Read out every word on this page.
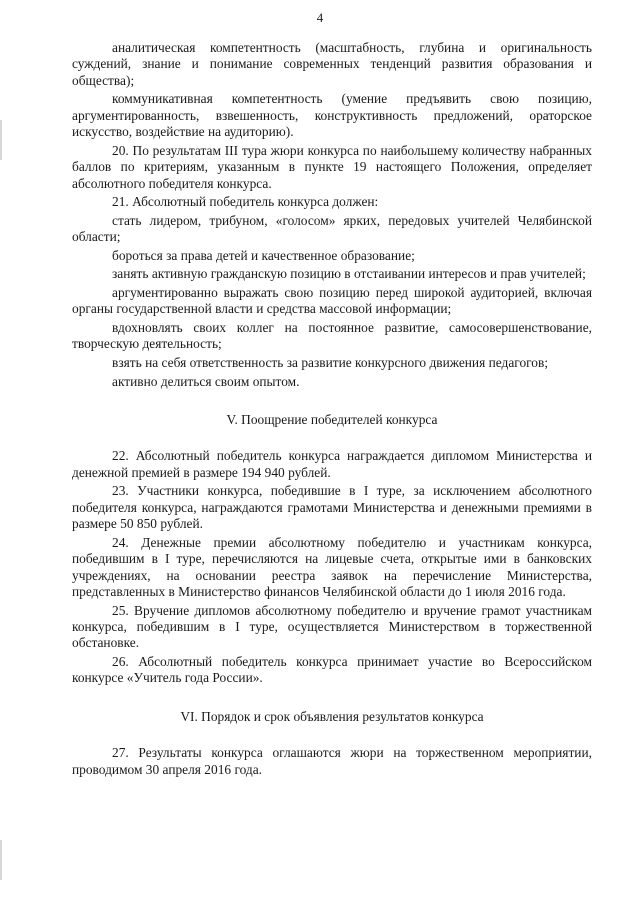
4

аналитическая компетентность (масштабность, глубина и оригинальность суждений, знание и понимание современных тенденций развития образования и общества);

коммуникативная компетентность (умение предъявить свою позицию, аргументированность, взвешенность, конструктивность предложений, ораторское искусство, воздействие на аудиторию).

20. По результатам III тура жюри конкурса по наибольшему количеству набранных баллов по критериям, указанным в пункте 19 настоящего Положения, определяет абсолютного победителя конкурса.

21. Абсолютный победитель конкурса должен:

стать лидером, трибуном, «голосом» ярких, передовых учителей Челябинской области;

бороться за права детей и качественное образование;

занять активную гражданскую позицию в отстаивании интересов и прав учителей;

аргументированно выражать свою позицию перед широкой аудиторией, включая органы государственной власти и средства массовой информации;

вдохновлять своих коллег на постоянное развитие, самосовершенствование, творческую деятельность;

взять на себя ответственность за развитие конкурсного движения педагогов;

активно делиться своим опытом.

V. Поощрение победителей конкурса

22. Абсолютный победитель конкурса награждается дипломом Министерства и денежной премией в размере 194 940 рублей.

23. Участники конкурса, победившие в I туре, за исключением абсолютного победителя конкурса, награждаются грамотами Министерства и денежными премиями в размере 50 850 рублей.

24. Денежные премии абсолютному победителю и участникам конкурса, победившим в I туре, перечисляются на лицевые счета, открытые ими в банковских учреждениях, на основании реестра заявок на перечисление Министерства, представленных в Министерство финансов Челябинской области до 1 июля 2016 года.

25. Вручение дипломов абсолютному победителю и вручение грамот участникам конкурса, победившим в I туре, осуществляется Министерством в торжественной обстановке.

26. Абсолютный победитель конкурса принимает участие во Всероссийском конкурсе «Учитель года России».

VI. Порядок и срок объявления результатов конкурса

27. Результаты конкурса оглашаются жюри на торжественном мероприятии, проводимом 30 апреля 2016 года.
